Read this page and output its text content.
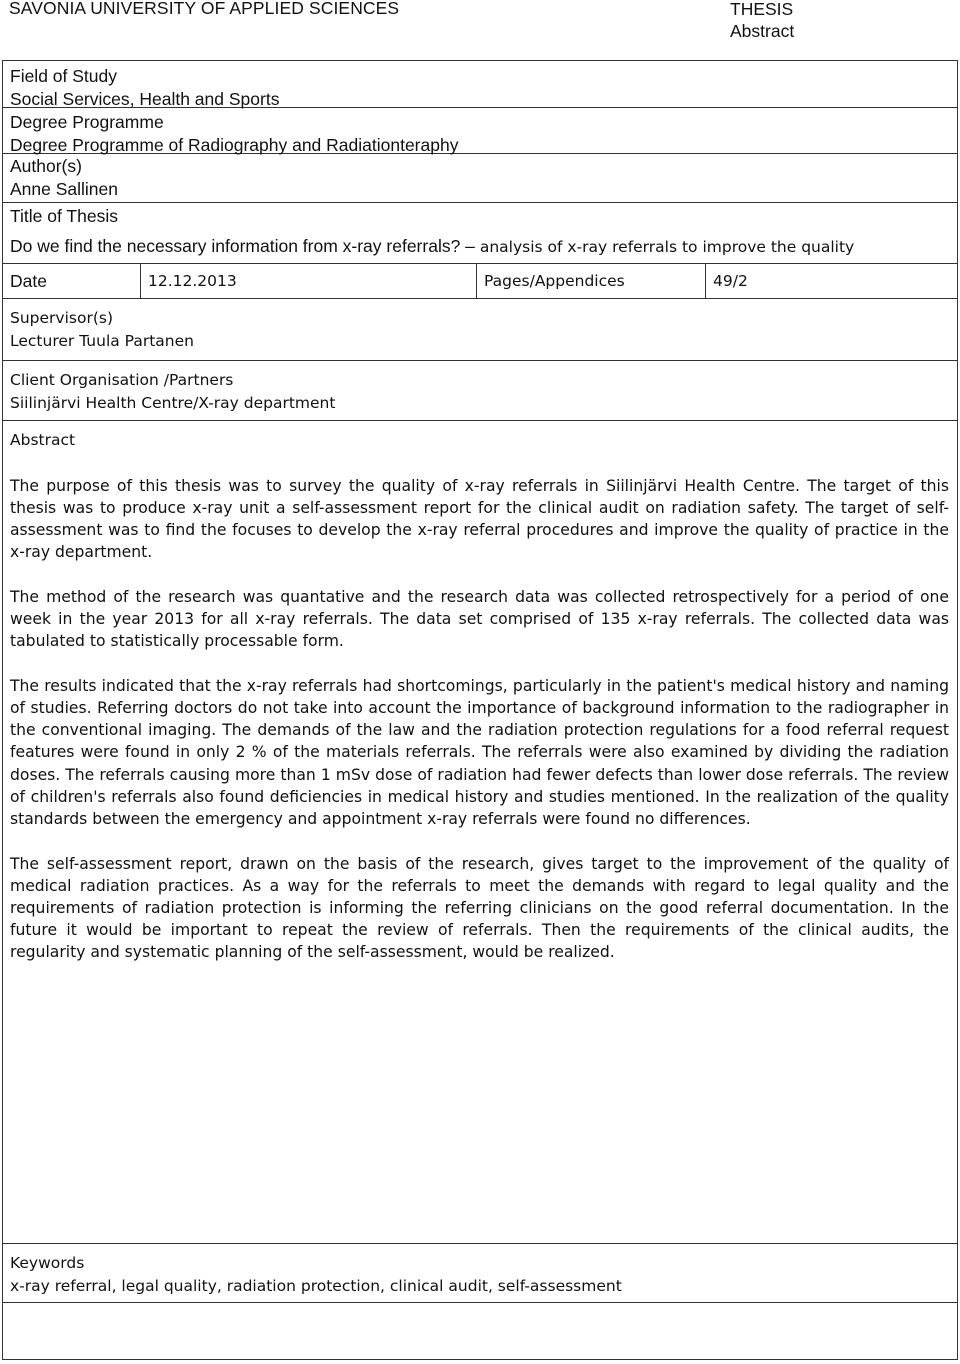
SAVONIA UNIVERSITY OF APPLIED SCIENCES	THESIS
Abstract
Field of Study
Social Services, Health and Sports
Degree Programme
Degree Programme of Radiography and Radiationteraphy
Author(s)
Anne Sallinen
Title of Thesis
Do we find the necessary information from x-ray referrals? – analysis of x-ray referrals to improve the quality
Date	12.12.2013	Pages/Appendices	49/2
Supervisor(s)
Lecturer Tuula Partanen
Client Organisation /Partners
Siilinjärvi Health Centre/X-ray department
Abstract

The purpose of this thesis was to survey the quality of x-ray referrals in Siilinjärvi Health Centre. The target of this thesis was to produce x-ray unit a self-assessment report for the clinical audit on radiation safety. The target of self-assessment was to find the focuses to develop the x-ray referral procedures and improve the quality of practice in the x-ray department.

The method of the research was quantative and the research data was collected retrospectively for a period of one week in the year 2013 for all x-ray referrals. The data set comprised of 135 x-ray referrals. The collected data was tabulated to statistically processable form.

The results indicated that the x-ray referrals had shortcomings, particularly in the patient's medical history and naming of studies. Referring doctors do not take into account the importance of background information to the radiographer in the conventional imaging. The demands of the law and the radiation protection regulations for a food referral request features were found in only 2 % of the materials referrals. The referrals were also examined by dividing the radiation doses. The referrals causing more than 1 mSv dose of radiation had fewer defects than lower dose referrals. The review of children's referrals also found deficiencies in medical history and studies mentioned. In the realization of the quality standards between the emergency and appointment x-ray referrals were found no differences.

The self-assessment report, drawn on the basis of the research, gives target to the improvement of the quality of medical radiation practices. As a way for the referrals to meet the demands with regard to legal quality and the requirements of radiation protection is informing the referring clinicians on the good referral documentation. In the future it would be important to repeat the review of referrals. Then the requirements of the clinical audits, the regularity and systematic planning of the self-assessment, would be realized.

Keywords
x-ray referral, legal quality, radiation protection, clinical audit, self-assessment
